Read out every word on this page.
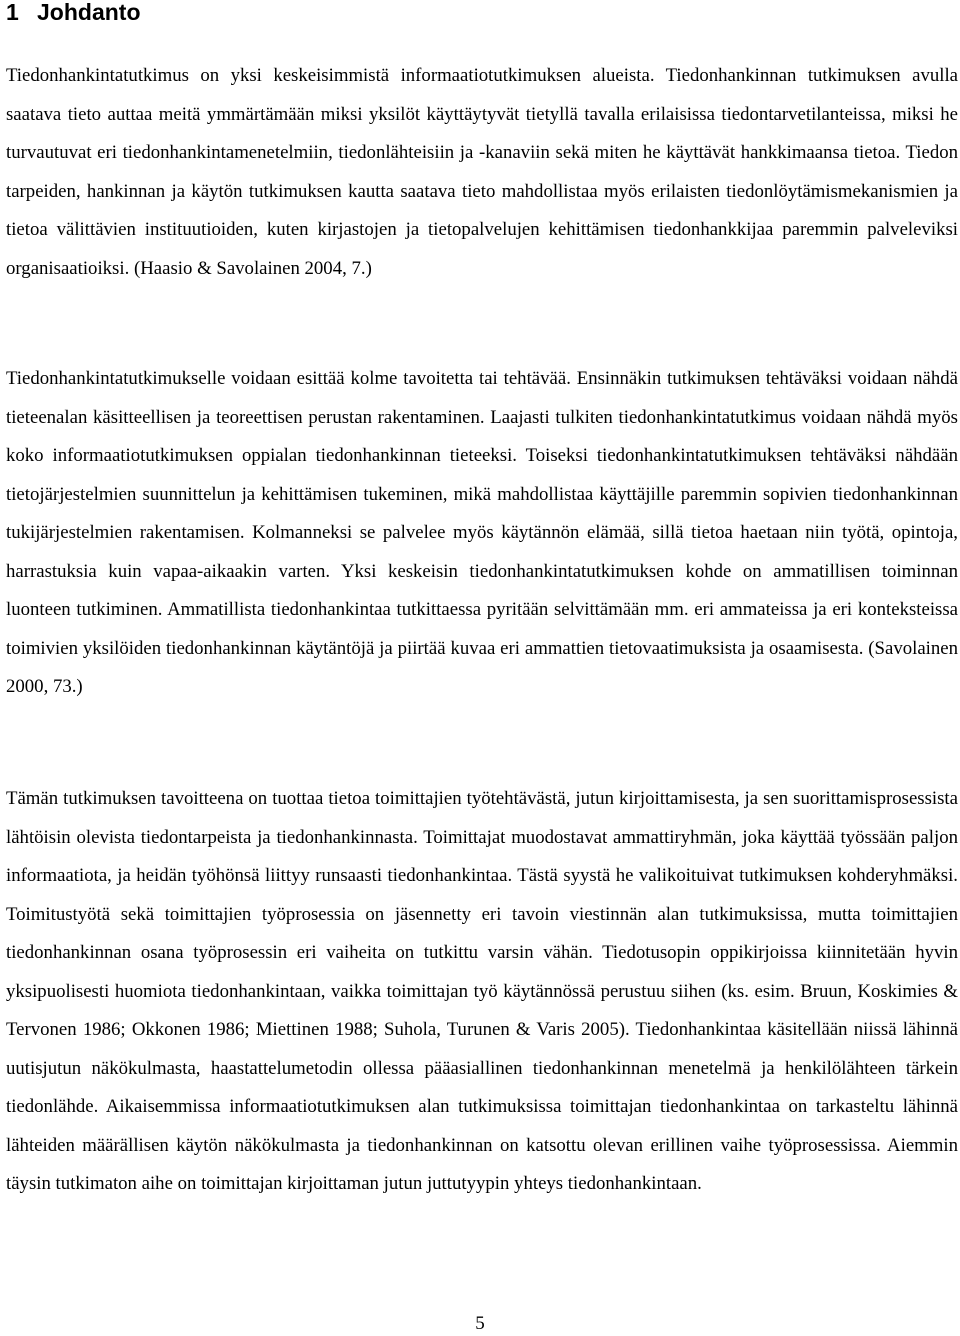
1 Johdanto

Tiedonhankintatutkimus on yksi keskeisimmistä informaatiotutkimuksen alueista. Tiedonhankinnan tutkimuksen avulla saatava tieto auttaa meitä ymmärtämään miksi yksilöt käyttäytyvät tietyllä tavalla erilaisissa tiedontarvetilanteissa, miksi he turvautuvat eri tiedonhankintamenetelmiin, tiedonlähteisiin ja -kanaviin sekä miten he käyttävät hankkimaansa tietoa. Tiedon tarpeiden, hankinnan ja käytön tutkimuksen kautta saatava tieto mahdollistaa myös erilaisten tiedonlöytämismekanismien ja tietoa välittävien instituutioiden, kuten kirjastojen ja tietopalvelujen kehittämisen tiedonhankkijaa paremmin palveleviksi organisaatioiksi. (Haasio & Savolainen 2004, 7.)

Tiedonhankintatutkimukselle voidaan esittää kolme tavoitetta tai tehtävää. Ensinnäkin tutkimuksen tehtäväksi voidaan nähdä tieteenalan käsitteellisen ja teoreettisen perustan rakentaminen. Laajasti tulkiten tiedonhankintatutkimus voidaan nähdä myös koko informaatiotutkimuksen oppialan tiedonhankinnan tieteeksi. Toiseksi tiedonhankintatutkimuksen tehtäväksi nähdään tietojärjestelmien suunnittelun ja kehittämisen tukeminen, mikä mahdollistaa käyttäjille paremmin sopivien tiedonhankinnan tukijärjestelmien rakentamisen. Kolmanneksi se palvelee myös käytännön elämää, sillä tietoa haetaan niin työtä, opintoja, harrastuksia kuin vapaa-aikaakin varten. Yksi keskeisin tiedonhankintatutkimuksen kohde on ammatillisen toiminnan luonteen tutkiminen. Ammatillista tiedonhankintaa tutkittaessa pyritään selvittämään mm. eri ammateissa ja eri konteksteissa toimivien yksilöiden tiedonhankinnan käytäntöjä ja piirtää kuvaa eri ammattien tietovaatimuksista ja osaamisesta. (Savolainen 2000, 73.)

Tämän tutkimuksen tavoitteena on tuottaa tietoa toimittajien työtehtävästä, jutun kirjoittamisesta, ja sen suorittamisprosessista lähtöisin olevista tiedontarpeista ja tiedonhankinnasta. Toimittajat muodostavat ammattiryhmän, joka käyttää työssään paljon informaatiota, ja heidän työhönsä liittyy runsaasti tiedonhankintaa. Tästä syystä he valikoituivat tutkimuksen kohderyhmäksi. Toimitustyötä sekä toimittajien työprosessia on jäsennetty eri tavoin viestinnän alan tutkimuksissa, mutta toimittajien tiedonhankinnan osana työprosessin eri vaiheita on tutkittu varsin vähän. Tiedotusopin oppikirjoissa kiinnitetään hyvin yksipuolisesti huomiota tiedonhankintaan, vaikka toimittajan työ käytännössä perustuu siihen (ks. esim. Bruun, Koskimies & Tervonen 1986; Okkonen 1986; Miettinen 1988; Suhola, Turunen & Varis 2005). Tiedonhankintaa käsitellään niissä lähinnä uutisjutun näkökulmasta, haastattelumetodin ollessa pääasiallinen tiedonhankinnan menetelmä ja henkilölähteen tärkein tiedonlähde. Aikaisemmissa informaatiotutkimuksen alan tutkimuksissa toimittajan tiedonhankintaa on tarkasteltu lähinnä lähteiden määrällisen käytön näkökulmasta ja tiedonhankinnan on katsottu olevan erillinen vaihe työprosessissa. Aiemmin täysin tutkimaton aihe on toimittajan kirjoittaman jutun juttutyypin yhteys tiedonhankintaan.

5
